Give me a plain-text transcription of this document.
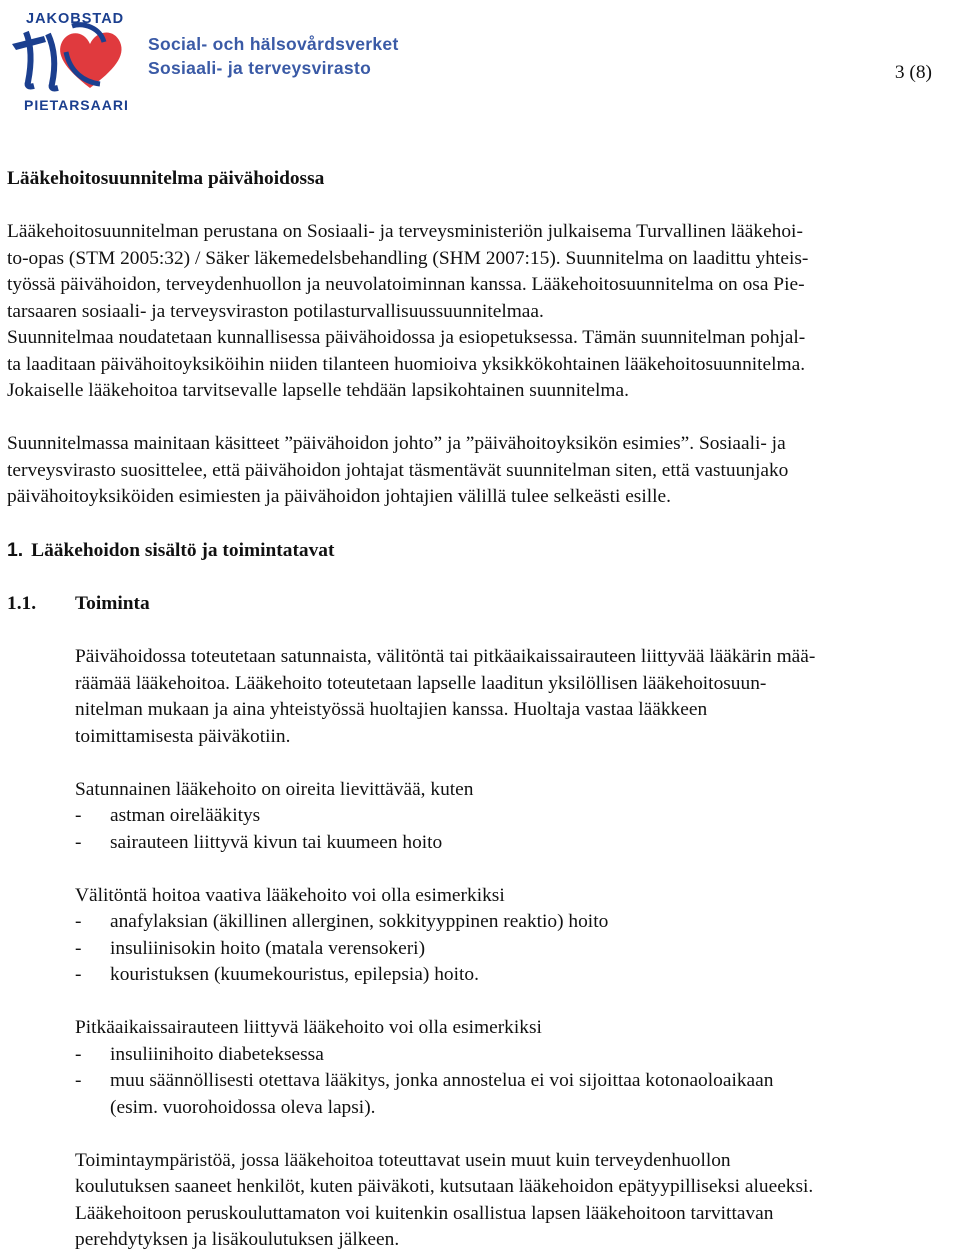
JAKOBSTAD
PIETARSAARI
Social- och hälsovårdsverket
Sosiaali- ja terveysvirasto	3 (8)

Lääkehoitosuunnitelma päivähoidossa

Lääkehoitosuunnitelman perustana on Sosiaali- ja terveysministeriön julkaisema Turvallinen lääkehoi-

to-opas (STM 2005:32) / Säker läkemedelsbehandling (SHM 2007:15). Suunnitelma on laadittu yhteis-

työssä päivähoidon, terveydenhuollon ja neuvolatoiminnan kanssa. Lääkehoitosuunnitelma on osa Pie-

tarsaaren sosiaali- ja terveysviraston potilasturvallisuussuunnitelmaa.

Suunnitelmaa noudatetaan kunnallisessa päivähoidossa ja esiopetuksessa. Tämän suunnitelman pohjal-

ta laaditaan päivähoitoyksiköihin niiden tilanteen huomioiva yksikkökohtainen lääkehoitosuunnitelma.

Jokaiselle lääkehoitoa tarvitsevalle lapselle tehdään lapsikohtainen suunnitelma.

Suunnitelmassa mainitaan käsitteet ”päivähoidon johto” ja ”päivähoitoyksikön esimies”. Sosiaali- ja

terveysvirasto suosittelee, että päivähoidon johtajat täsmentävät suunnitelman siten, että vastuunjako

päivähoitoyksiköiden esimiesten ja päivähoidon johtajien välillä tulee selkeästi esille.

1. Lääkehoidon sisältö ja toimintatavat

1.1.	Toiminta

Päivähoidossa toteutetaan satunnaista, välitöntä tai pitkäaikaissairauteen liittyvää lääkärin mää-

räämää lääkehoitoa. Lääkehoito toteutetaan lapselle laaditun yksilöllisen lääkehoitosuun-

nitelman mukaan ja aina yhteistyössä huoltajien kanssa. Huoltaja vastaa lääkkeen

toimittamisesta päiväkotiin.

Satunnainen lääkehoito on oireita lievittävää, kuten

-	astman oirelääkitys
-	sairauteen liittyvä kivun tai kuumeen hoito

Välitöntä hoitoa vaativa lääkehoito voi olla esimerkiksi

-	anafylaksian (äkillinen allerginen, sokkityyppinen reaktio) hoito
-	insuliinisokin hoito (matala verensokeri)
-	kouristuksen (kuumekouristus, epilepsia) hoito.

Pitkäaikaissairauteen liittyvä lääkehoito voi olla esimerkiksi

-	insuliinihoito diabeteksessa
-	muu säännöllisesti otettava lääkitys, jonka annostelua ei voi sijoittaa kotonaoloaikaan
(esim. vuorohoidossa oleva lapsi).

Toimintaympäristöä, jossa lääkehoitoa toteuttavat usein muut kuin terveydenhuollon

koulutuksen saaneet henkilöt, kuten päiväkoti, kutsutaan lääkehoidon epätyypilliseksi alueeksi.

Lääkehoitoon peruskouluttamaton voi kuitenkin osallistua lapsen lääkehoitoon tarvittavan

perehdytyksen ja lisäkoulutuksen jälkeen.
